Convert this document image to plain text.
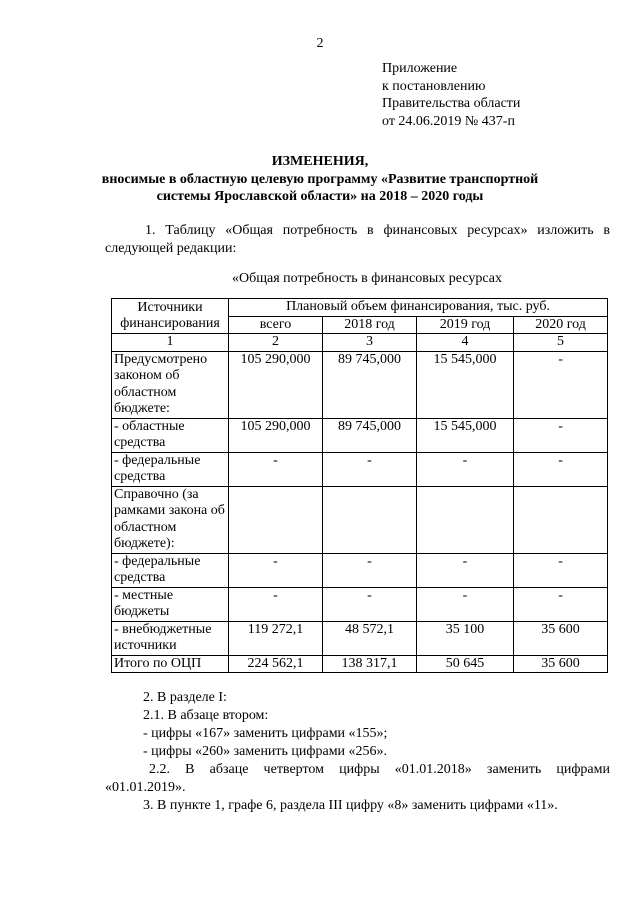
2
Приложение
к постановлению
Правительства области
от 24.06.2019 № 437-п
ИЗМЕНЕНИЯ,
вносимые в областную целевую программу «Развитие транспортной
системы Ярославской области» на 2018 – 2020 годы
1. Таблицу «Общая потребность в финансовых ресурсах» изложить в следующей редакции:
«Общая потребность в финансовых ресурсах
Источники финансирования	Плановый объем финансирования, тыс. руб.			
	всего	2018 год	2019 год	2020 год
1	2	3	4	5
Предусмотрено законом об областном бюджете:	105 290,000	89 745,000	15 545,000	-
- областные средства	105 290,000	89 745,000	15 545,000	-
- федеральные средства	-	-	-	-
Справочно (за рамками закона об областном бюджете):				
- федеральные средства	-	-	-	-
- местные бюджеты	-	-	-	-
- внебюджетные источники	119 272,1	48 572,1	35 100	35 600
Итого по ОЦП	224 562,1	138 317,1	50 645	35 600
2. В разделе I:
2.1. В абзаце втором:
- цифры «167» заменить цифрами «155»;
- цифры «260» заменить цифрами «256».
2.2. В абзаце четвертом цифры «01.01.2018» заменить цифрами «01.01.2019».
3. В пункте 1, графе 6, раздела III цифру «8» заменить цифрами «11».
